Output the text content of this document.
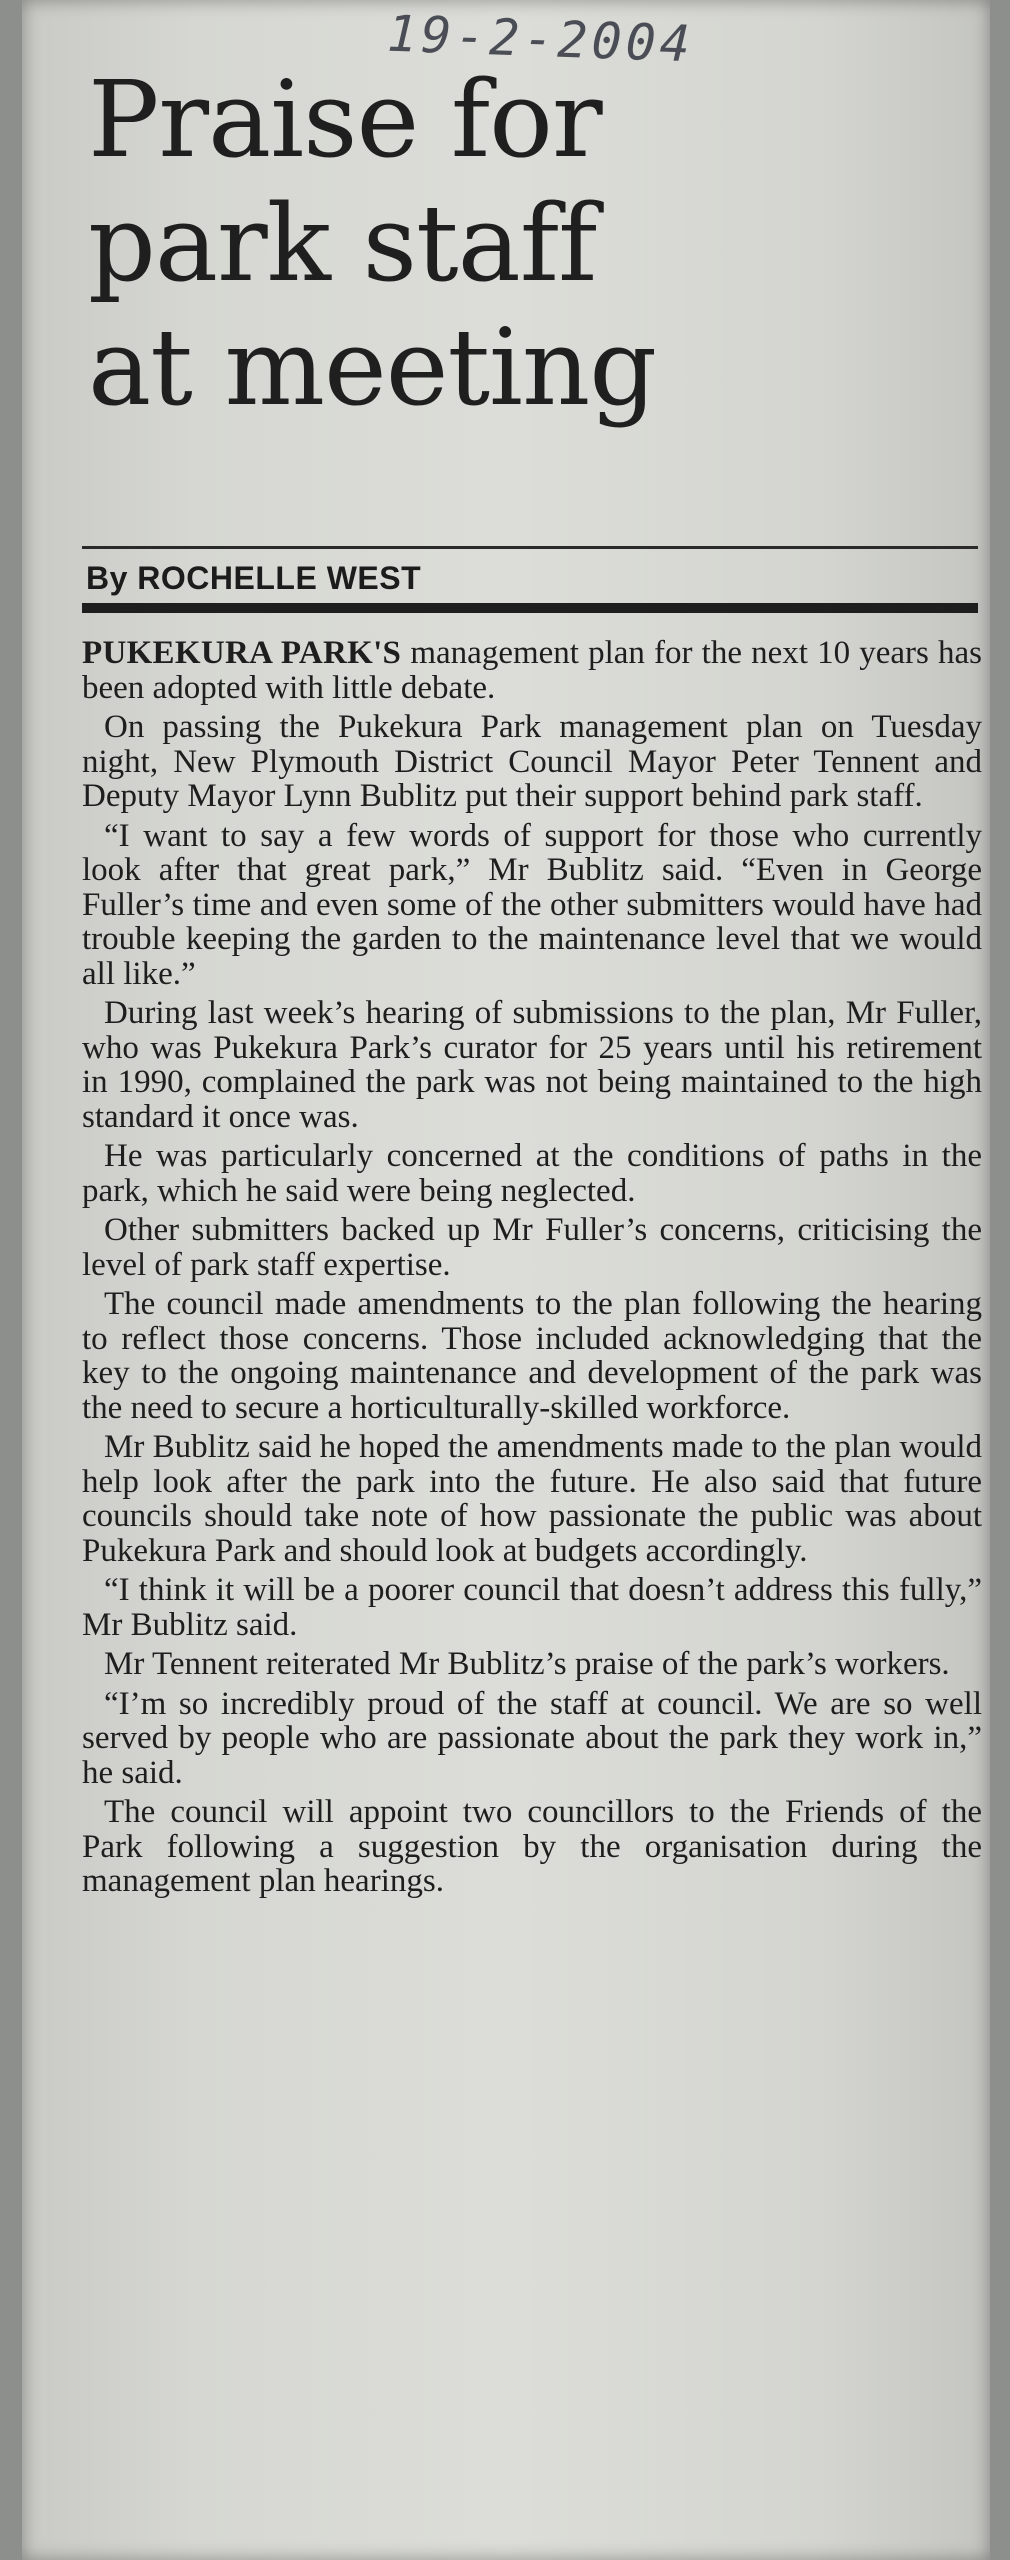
19-2-2004
Praise for
park staff
at meeting
By ROCHELLE WEST

PUKEKURA PARK'S management plan for the next 10 years has been adopted with little debate.

On passing the Pukekura Park management plan on Tuesday night, New Plymouth District Council Mayor Peter Tennent and Deputy Mayor Lynn Bublitz put their support behind park staff.

“I want to say a few words of support for those who currently look after that great park,” Mr Bublitz said. “Even in George Fuller’s time and even some of the other submitters would have had trouble keeping the garden to the maintenance level that we would all like.”

During last week’s hearing of submissions to the plan, Mr Fuller, who was Pukekura Park’s curator for 25 years until his retirement in 1990, complained the park was not being maintained to the high standard it once was.

He was particularly concerned at the conditions of paths in the park, which he said were being neglected.

Other submitters backed up Mr Fuller’s concerns, criticising the level of park staff expertise.

The council made amendments to the plan following the hearing to reflect those concerns. Those included acknowledging that the key to the ongoing maintenance and development of the park was the need to secure a horticulturally-skilled workforce.

Mr Bublitz said he hoped the amendments made to the plan would help look after the park into the future. He also said that future councils should take note of how passionate the public was about Pukekura Park and should look at budgets accordingly.

“I think it will be a poorer council that doesn’t address this fully,” Mr Bublitz said.

Mr Tennent reiterated Mr Bublitz’s praise of the park’s workers.

“I’m so incredibly proud of the staff at council. We are so well served by people who are passionate about the park they work in,” he said.

The council will appoint two councillors to the Friends of the Park following a suggestion by the organisation during the management plan hearings.
